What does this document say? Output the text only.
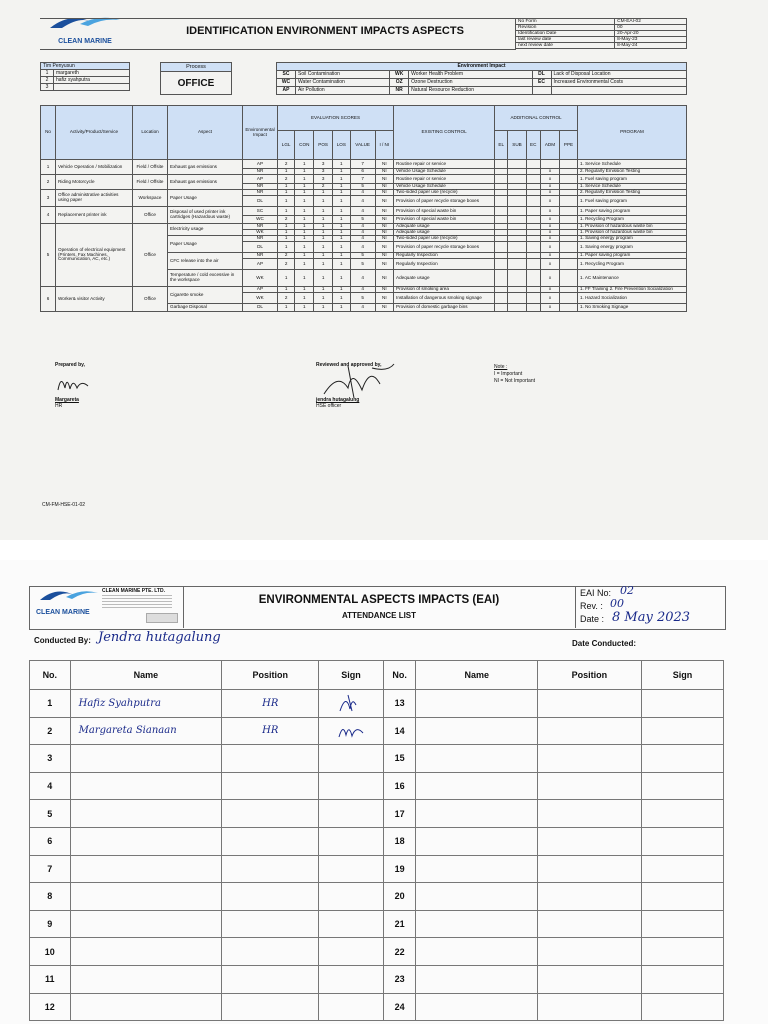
CLEAN MARINE
IDENTIFICATION ENVIRONMENT IMPACTS ASPECTS
No Form	CM-EAI-02
Revision	00
Identification Date	20-Apr-20
last review date	8-May-23
next review date	8-May-24
Tim Penyusun	
1	margareth
2	hafiz syahputra
3	
Process
OFFICE
Environment Impact					
SC	Soil Contamination	WK	Worker Health Problem	DL	Lack of Disposal Location
WC	Water Contamination	OZ	Ozone Destruction	EC	Increased Environmental Costs
AP	Air Pollution	NR	Natural Resource Reduction		
No	Activity/Product/Service	Location	Aspect	Environmental Impact	EVALUATION SCORES						EXISTING CONTROL	ADDITIONAL CONTROL					PROGRAM
					LGL	CON	POS	LOS	VALUE	I / NI							
												EL	SUB	EC	ADM	PPE	
1	Vehicle Operation / Mobilization	Field / Offsite	Exhaust gas emissions	AP	2	1	3	1	7	NI	Routine repair or service						1. Service Schedule
				NR	1	1	3	1	6	NI	Vehicle Usage Schedule				x		2. Regularly Emission Testing
2	Riding Motorcycle	Field / Offsite	Exhaust gas emissions	AP	2	1	3	1	7	NI	Routine repair or service				x		1. Fuel saving program
				NR	1	1	2	1	5	NI	Vehicle Usage Schedule				x		1. Service Schedule
3	Office administrative activities using paper	Workspace	Paper Usage	NR	1	1	1	1	4	NI	Two-sided paper use (recycle)				x		2. Regularly Emission Testing
				DL	1	1	1	1	4	NI	Provision of paper recycle storage boxes				x		1. Fuel saving program
4	Replacement printer ink	Office	Disposal of used printer ink cartridges (Hazardous waste)	SC	1	1	1	1	4	NI	Provision of special waste bin				x		1. Paper saving program
				WC	2	1	1	1	5	NI	Provision of special waste bin				x		1. Recycling Program
5	Operation of electrical equipment (Printers, Fax Machines, Communication, AC, etc.)	Office	Electricity usage	NR	1	1	1	1	4	NI	Adequate usage				x		1. Provision of hazardous waste bin
				WK	1	1	1	1	4	NI	Adequate usage				x		1. Provision of hazardous waste bin
			Paper Usage	NR	1	1	1	1	4	NI	Two-sided paper use (recycle)				x		1. Saving energy program
				DL	1	1	1	1	4	NI	Provision of paper recycle storage boxes				x		1. Saving energy program
			CFC release into the air	NR	2	1	1	1	5	NI	Regularly Inspection				x		1. Paper saving program
				AP	2	1	1	1	5	NI	Regularly Inspection				x		1. Recycling Program
			Temperature / cold excessive in the workspace	WK	1	1	1	1	4	NI	Adequate usage				x		1. AC Maintenance
6	Worker& visitor Activity	Office	Cigarette smoke	AP	1	1	1	1	4	NI	Provision of smoking area				x		1. FF Training 2. Fire Prevention Socialization
				WK	2	1	1	1	5	NI	Installation of dangerous smoking signage				x		1. Hazard Socialization
			Garbage Disposal	DL	1	1	1	1	4	NI	Provision of domestic garbage bins				x		1. No Smoking Signage
Prepared by,
Margareta
HR
Reviewed and approved by,
jendra hutagalung
HSE officer
Note :
I = Important
NI = Not Important
CM-FM-HSE-01-02
CLEAN MARINE
CLEAN MARINE PTE. LTD.
ENVIRONMENTAL ASPECTS IMPACTS (EAI)
ATTENDANCE LIST
EAI No: 02
Rev. : 00
Date : 8 May 2023
Conducted By: Jendra hutagalung	Date Conducted:
No.	Name	Position	Sign	No.	Name	Position	Sign
1	Hafiz Syahputra	HR		13			
2	Margareta Sianaan	HR		14			
3				15			
4				16			
5				17			
6				18			
7				19			
8				20			
9				21			
10				22			
11				23			
12				24			
